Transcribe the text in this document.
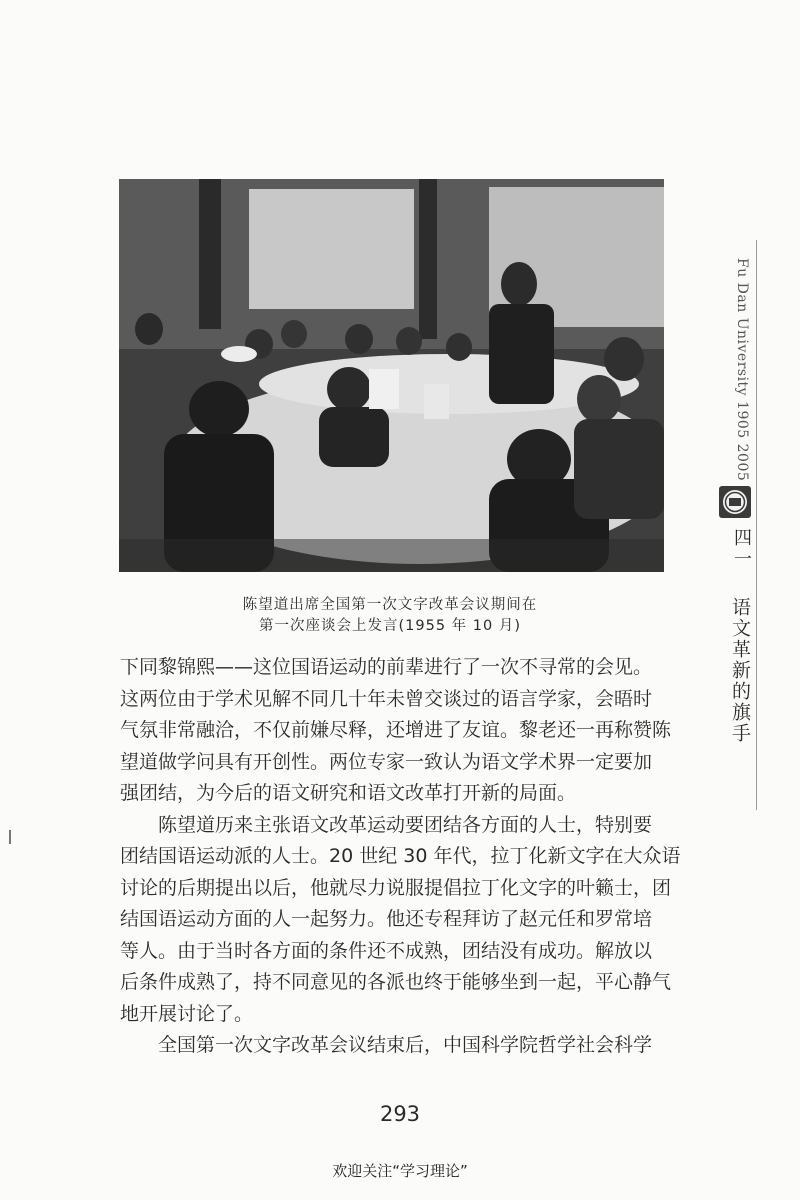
陈望道出席全国第一次文字改革会议期间在
第一次座谈会上发言(1955 年 10 月)

下同黎锦熙——这位国语运动的前辈进行了一次不寻常的会见。
这两位由于学术见解不同几十年未曾交谈过的语言学家，会晤时
气氛非常融洽，不仅前嫌尽释，还增进了友谊。黎老还一再称赞陈
望道做学问具有开创性。两位专家一致认为语文学术界一定要加
强团结，为今后的语文研究和语文改革打开新的局面。

陈望道历来主张语文改革运动要团结各方面的人士，特别要
团结国语运动派的人士。20 世纪 30 年代，拉丁化新文字在大众语
讨论的后期提出以后，他就尽力说服提倡拉丁化文字的叶籁士，团
结国语运动方面的人一起努力。他还专程拜访了赵元任和罗常培
等人。由于当时各方面的条件还不成熟，团结没有成功。解放以
后条件成熟了，持不同意见的各派也终于能够坐到一起，平心静气
地开展讨论了。

全国第一次文字改革会议结束后，中国科学院哲学社会科学

Fu Dan University 1905 2005
四一
语文革新的旗手
293
欢迎关注“学习理论”
